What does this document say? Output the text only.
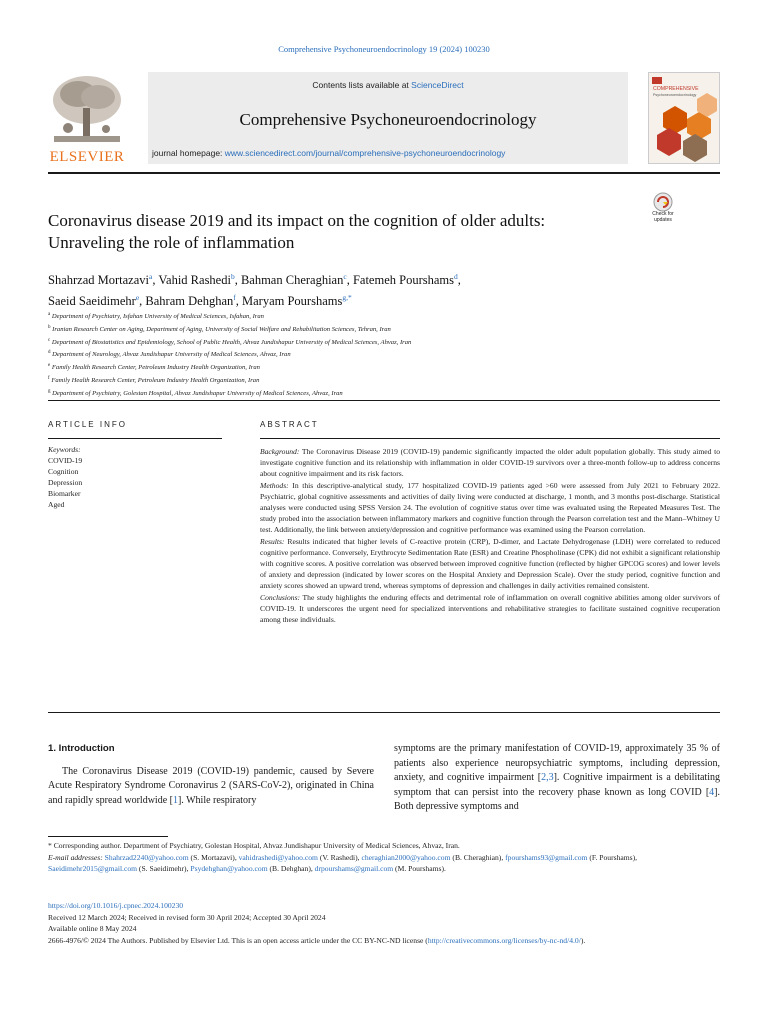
Comprehensive Psychoneuroendocrinology 19 (2024) 100230
ELSEVIER
Contents lists available at ScienceDirect
Comprehensive Psychoneuroendocrinology
journal homepage: www.sciencedirect.com/journal/comprehensive-psychoneuroendocrinology
COMPREHENSIVE
Psychoneuroendocrinology
Check for updates
Coronavirus disease 2019 and its impact on the cognition of older adults:
Unraveling the role of inflammation
Shahrzad Mortazavi$^a$, Vahid Rashedi$^b$, Bahman Cheraghian$^c$, Fatemeh Pourshams$^d$,
Saeid Saeidimehr$^e$, Bahram Dehghan$^f$, Maryam Pourshams$^{g,*}$
$^a$ Department of Psychiatry, Isfahan University of Medical Sciences, Isfahan, Iran
$^b$ Iranian Research Center on Aging, Department of Aging, University of Social Welfare and Rehabilitation Sciences, Tehran, Iran
$^c$ Department of Biostatistics and Epidemiology, School of Public Health, Ahvaz Jundishapur University of Medical Sciences, Ahvaz, Iran
$^d$ Department of Neurology, Ahvaz Jundishapur University of Medical Sciences, Ahvaz, Iran
$^e$ Family Health Research Center, Petroleum Industry Health Organization, Iran
$^f$ Family Health Research Center, Petroleum Industry Health Organization, Iran
$^g$ Department of Psychiatry, Golestan Hospital, Ahvaz Jundishapur University of Medical Sciences, Ahvaz, Iran
ARTICLE INFO	ABSTRACT
Keywords:
COVID-19
Cognition
Depression
Biomarker
Aged

Background: The Coronavirus Disease 2019 (COVID-19) pandemic significantly impacted the older adult population globally. This study aimed to investigate cognitive function and its relationship with inflammation in older COVID-19 survivors over a three-month follow-up to address concerns about cognitive impairment and its risk factors.

Methods: In this descriptive-analytical study, 177 hospitalized COVID-19 patients aged >60 were assessed from July 2021 to February 2022. Psychiatric, global cognitive assessments and activities of daily living were conducted at discharge, 1 month, and 3 months post-discharge. Statistical analyses were conducted using SPSS Version 24. The evolution of cognitive status over time was evaluated using the Repeated Measures Test. The study probed into the association between inflammatory markers and cognitive function through the Pearson correlation test and the Mann–Whitney U test. Additionally, the link between anxiety/depression and cognitive performance was examined using the Pearson correlation.

Results: Results indicated that higher levels of C-reactive protein (CRP), D-dimer, and Lactate Dehydrogenase (LDH) were correlated to reduced cognitive performance. Conversely, Erythrocyte Sedimentation Rate (ESR) and Creatine Phospholinase (CPK) did not exhibit a significant relationship with cognitive scores. A positive correlation was observed between improved cognitive function (reflected by higher GPCOG scores) and lower levels of anxiety and depression (indicated by lower scores on the Hospital Anxiety and Depression Scale). Over the study period, cognitive function and anxiety scores showed an upward trend, whereas symptoms of depression and challenges in daily activities remained consistent.

Conclusions: The study highlights the enduring effects and detrimental role of inflammation on overall cognitive abilities among older survivors of COVID-19. It underscores the urgent need for specialized interventions and rehabilitative strategies to facilitate sustained cognitive recuperation among these individuals.

1. Introduction

The Coronavirus Disease 2019 (COVID-19) pandemic, caused by Severe Acute Respiratory Syndrome Coronavirus 2 (SARS-CoV-2), originated in China and rapidly spread worldwide [1]. While respiratory

symptoms are the primary manifestation of COVID-19, approximately 35 % of patients also experience neuropsychiatric symptoms, including depression, anxiety, and cognitive impairment [2,3]. Cognitive impairment is a debilitating symptom that can persist into the recovery phase known as long COVID [4]. Both depressive symptoms and

* Corresponding author. Department of Psychiatry, Golestan Hospital, Ahvaz Jundishapur University of Medical Sciences, Ahvaz, Iran.
E-mail addresses: Shahrzad2240@yahoo.com (S. Mortazavi), vahidrashedi@yahoo.com (V. Rashedi), cheraghian2000@yahoo.com (B. Cheraghian), fpourshams93@gmail.com (F. Pourshams), Saeidimehr2015@gmail.com (S. Saeidimehr), Psydehghan@yahoo.com (B. Dehghan), drpourshams@gmail.com (M. Pourshams).
https://doi.org/10.1016/j.cpnec.2024.100230
Received 12 March 2024; Received in revised form 30 April 2024; Accepted 30 April 2024
Available online 8 May 2024
2666-4976/© 2024 The Authors. Published by Elsevier Ltd. This is an open access article under the CC BY-NC-ND license (http://creativecommons.org/licenses/by-nc-nd/4.0/).
